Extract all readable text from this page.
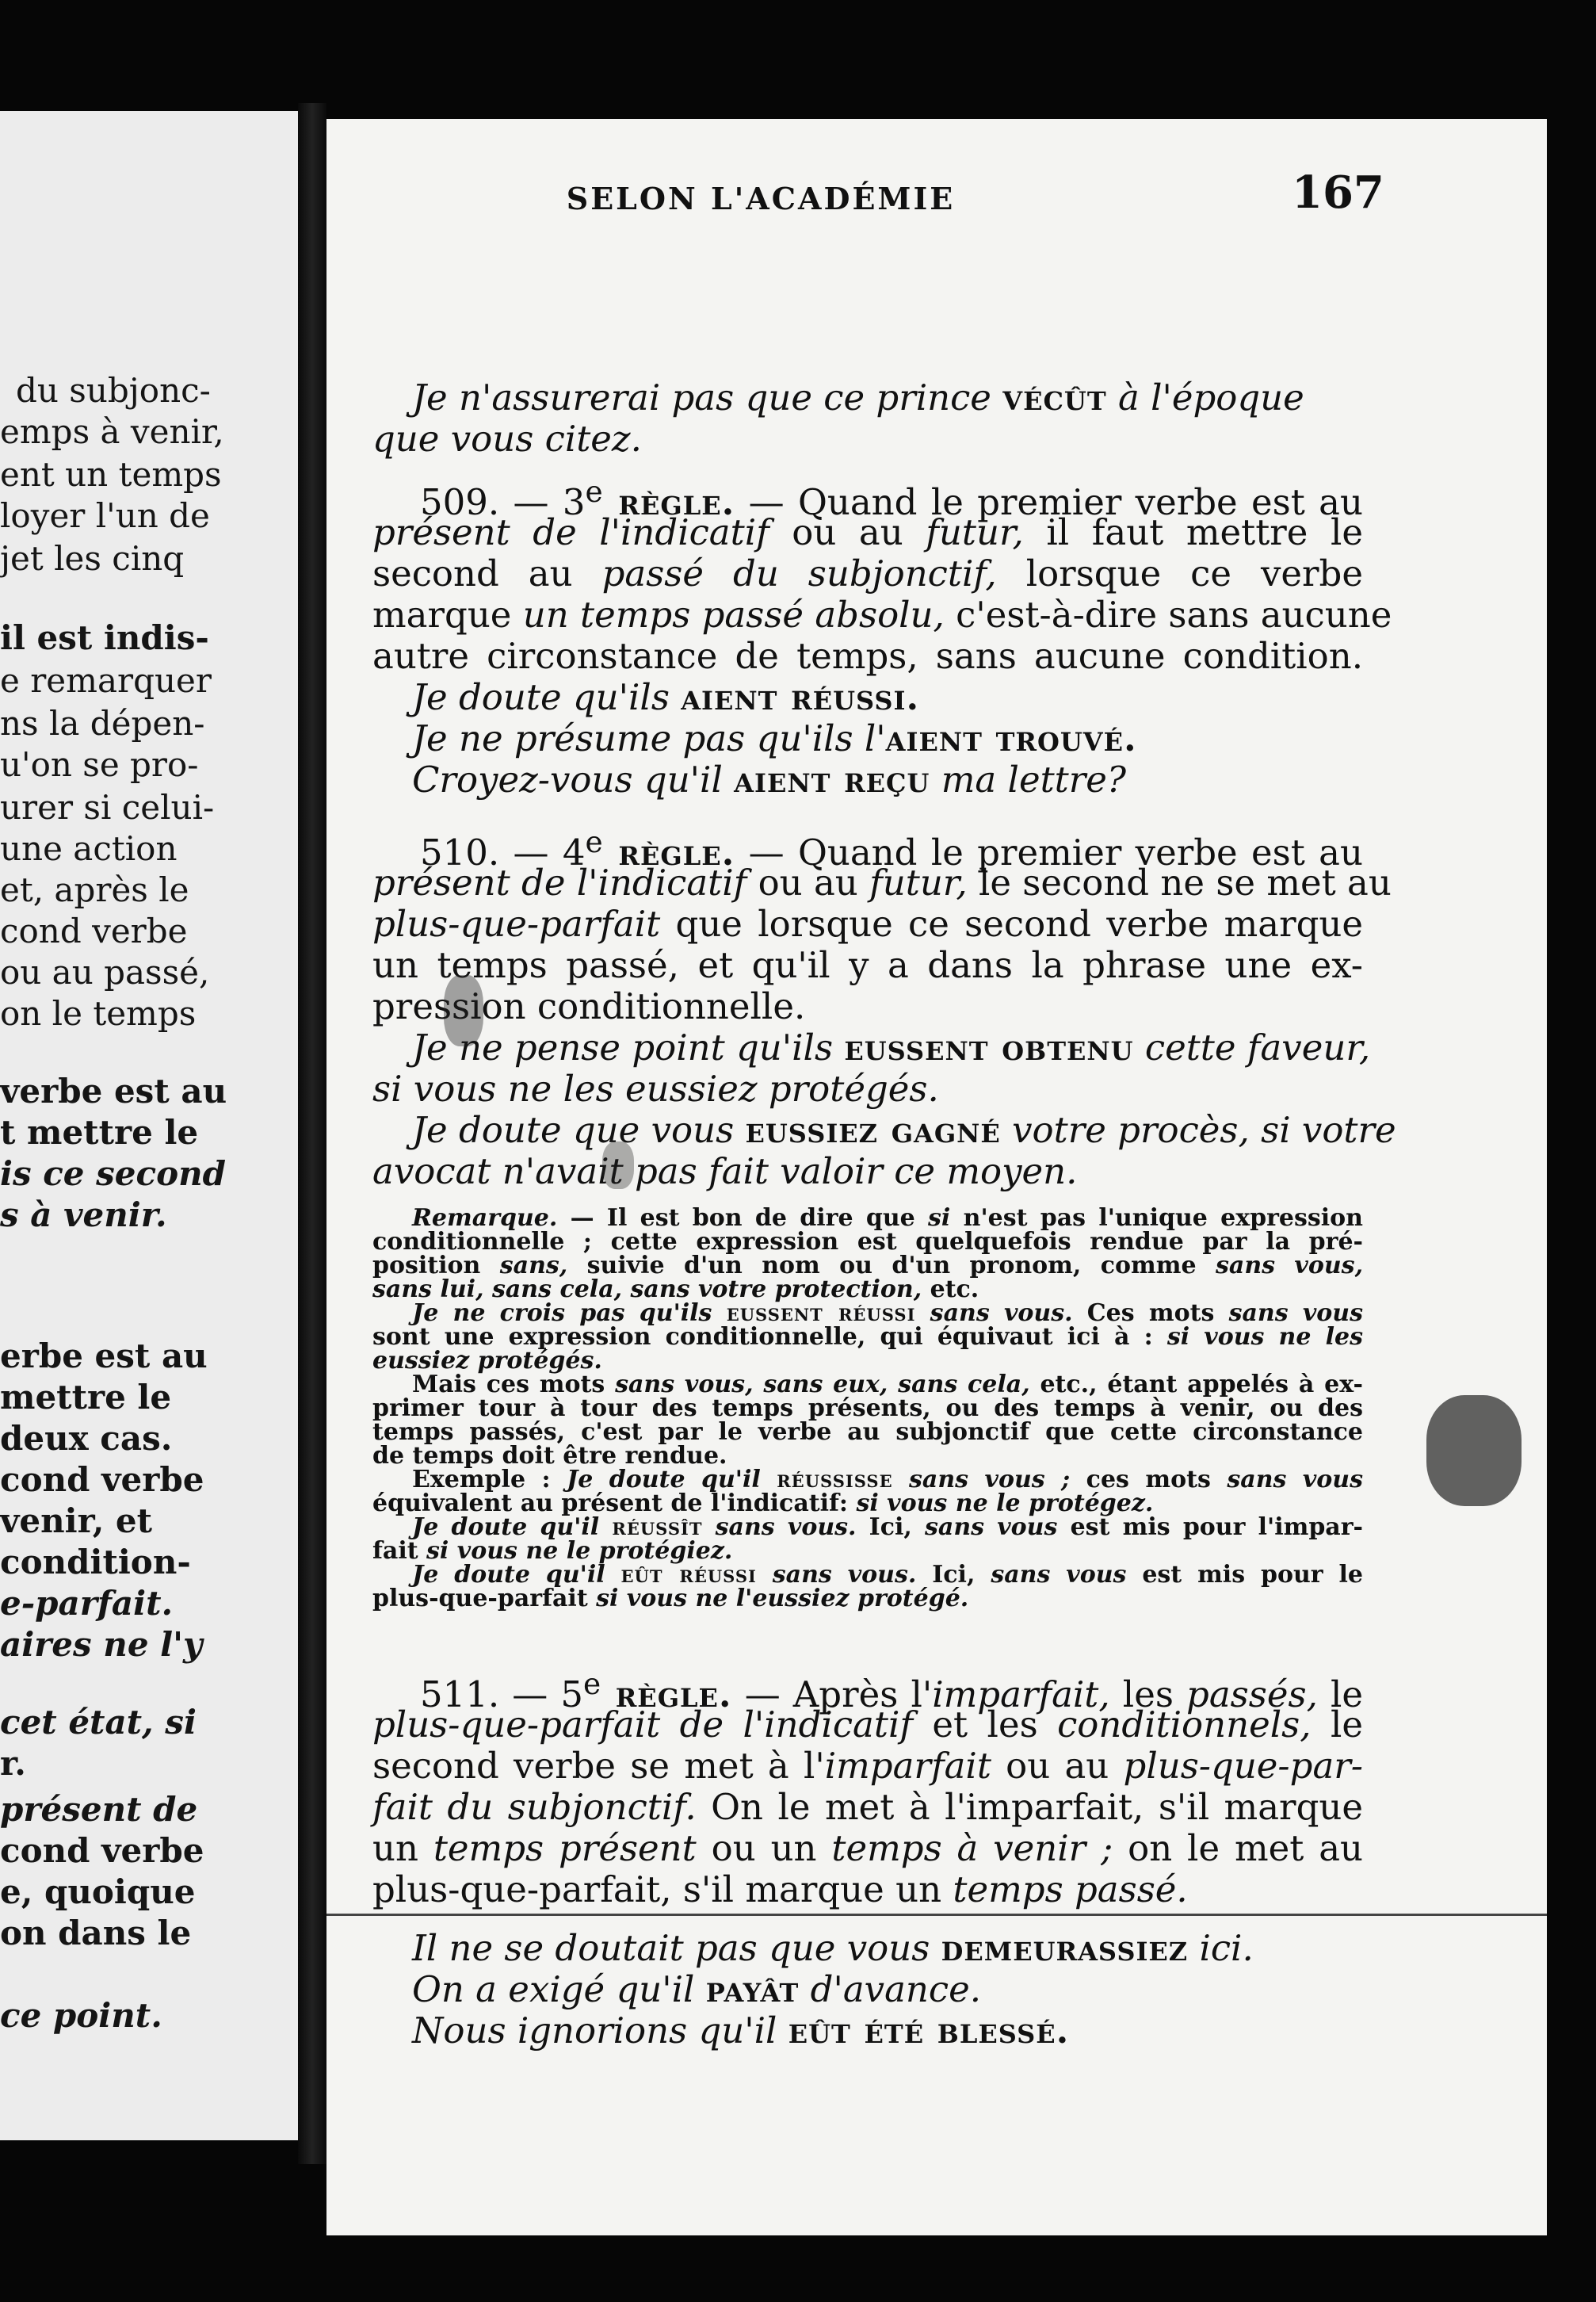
du subjonc-
emps à venir,
ent un temps
loyer l'un de
jet les cinq
il est indis-
e remarquer
ns la dépen-
u'on se pro-
urer si celui-
une action
et, après le
cond verbe
ou au passé,
on le temps
verbe est au
t mettre le
is ce second
s à venir.
erbe est au
mettre le
deux cas.
cond verbe
venir, et
condition-
e-parfait.
aires ne l'y
cet état, si
r.
présent de
cond verbe
e, quoique
on dans le
ce point.
SELON L'ACADÉMIE	167
Je n'assurerai pas que ce prince vécût à l'époque
que vous citez.
509. — 3e règle. — Quand le premier verbe est au
présent de l'indicatif ou au futur, il faut mettre le
second au passé du subjonctif, lorsque ce verbe
marque un temps passé absolu, c'est-à-dire sans aucune
autre circonstance de temps, sans aucune condition.
Je doute qu'ils aient réussi.
Je ne présume pas qu'ils l'aient trouvé.
Croyez-vous qu'il aient reçu ma lettre?
510. — 4e règle. — Quand le premier verbe est au
présent de l'indicatif ou au futur, le second ne se met au
plus-que-parfait que lorsque ce second verbe marque
un temps passé, et qu'il y a dans la phrase une ex-
pression conditionnelle.
Je ne pense point qu'ils eussent obtenu cette faveur,
si vous ne les eussiez protégés.
Je doute que vous eussiez gagné votre procès, si votre
avocat n'avait pas fait valoir ce moyen.
Remarque. — Il est bon de dire que si n'est pas l'unique expression
conditionnelle ; cette expression est quelquefois rendue par la pré-
position sans, suivie d'un nom ou d'un pronom, comme sans vous,
sans lui, sans cela, sans votre protection, etc.
Je ne crois pas qu'ils eussent réussi sans vous. Ces mots sans vous
sont une expression conditionnelle, qui équivaut ici à : si vous ne les
eussiez protégés.
Mais ces mots sans vous, sans eux, sans cela, etc., étant appelés à ex-
primer tour à tour des temps présents, ou des temps à venir, ou des
temps passés, c'est par le verbe au subjonctif que cette circonstance
de temps doit être rendue.
Exemple : Je doute qu'il réussisse sans vous ; ces mots sans vous
équivalent au présent de l'indicatif: si vous ne le protégez.
Je doute qu'il réussît sans vous. Ici, sans vous est mis pour l'impar-
fait si vous ne le protégiez.
Je doute qu'il eût réussi sans vous. Ici, sans vous est mis pour le
plus-que-parfait si vous ne l'eussiez protégé.
511. — 5e règle. — Après l'imparfait, les passés, le
plus-que-parfait de l'indicatif et les conditionnels, le
second verbe se met à l'imparfait ou au plus-que-par-
fait du subjonctif. On le met à l'imparfait, s'il marque
un temps présent ou un temps à venir ; on le met au
plus-que-parfait, s'il marque un temps passé.
Il ne se doutait pas que vous demeurassiez ici.
On a exigé qu'il payât d'avance.
Nous ignorions qu'il eût été blessé.
